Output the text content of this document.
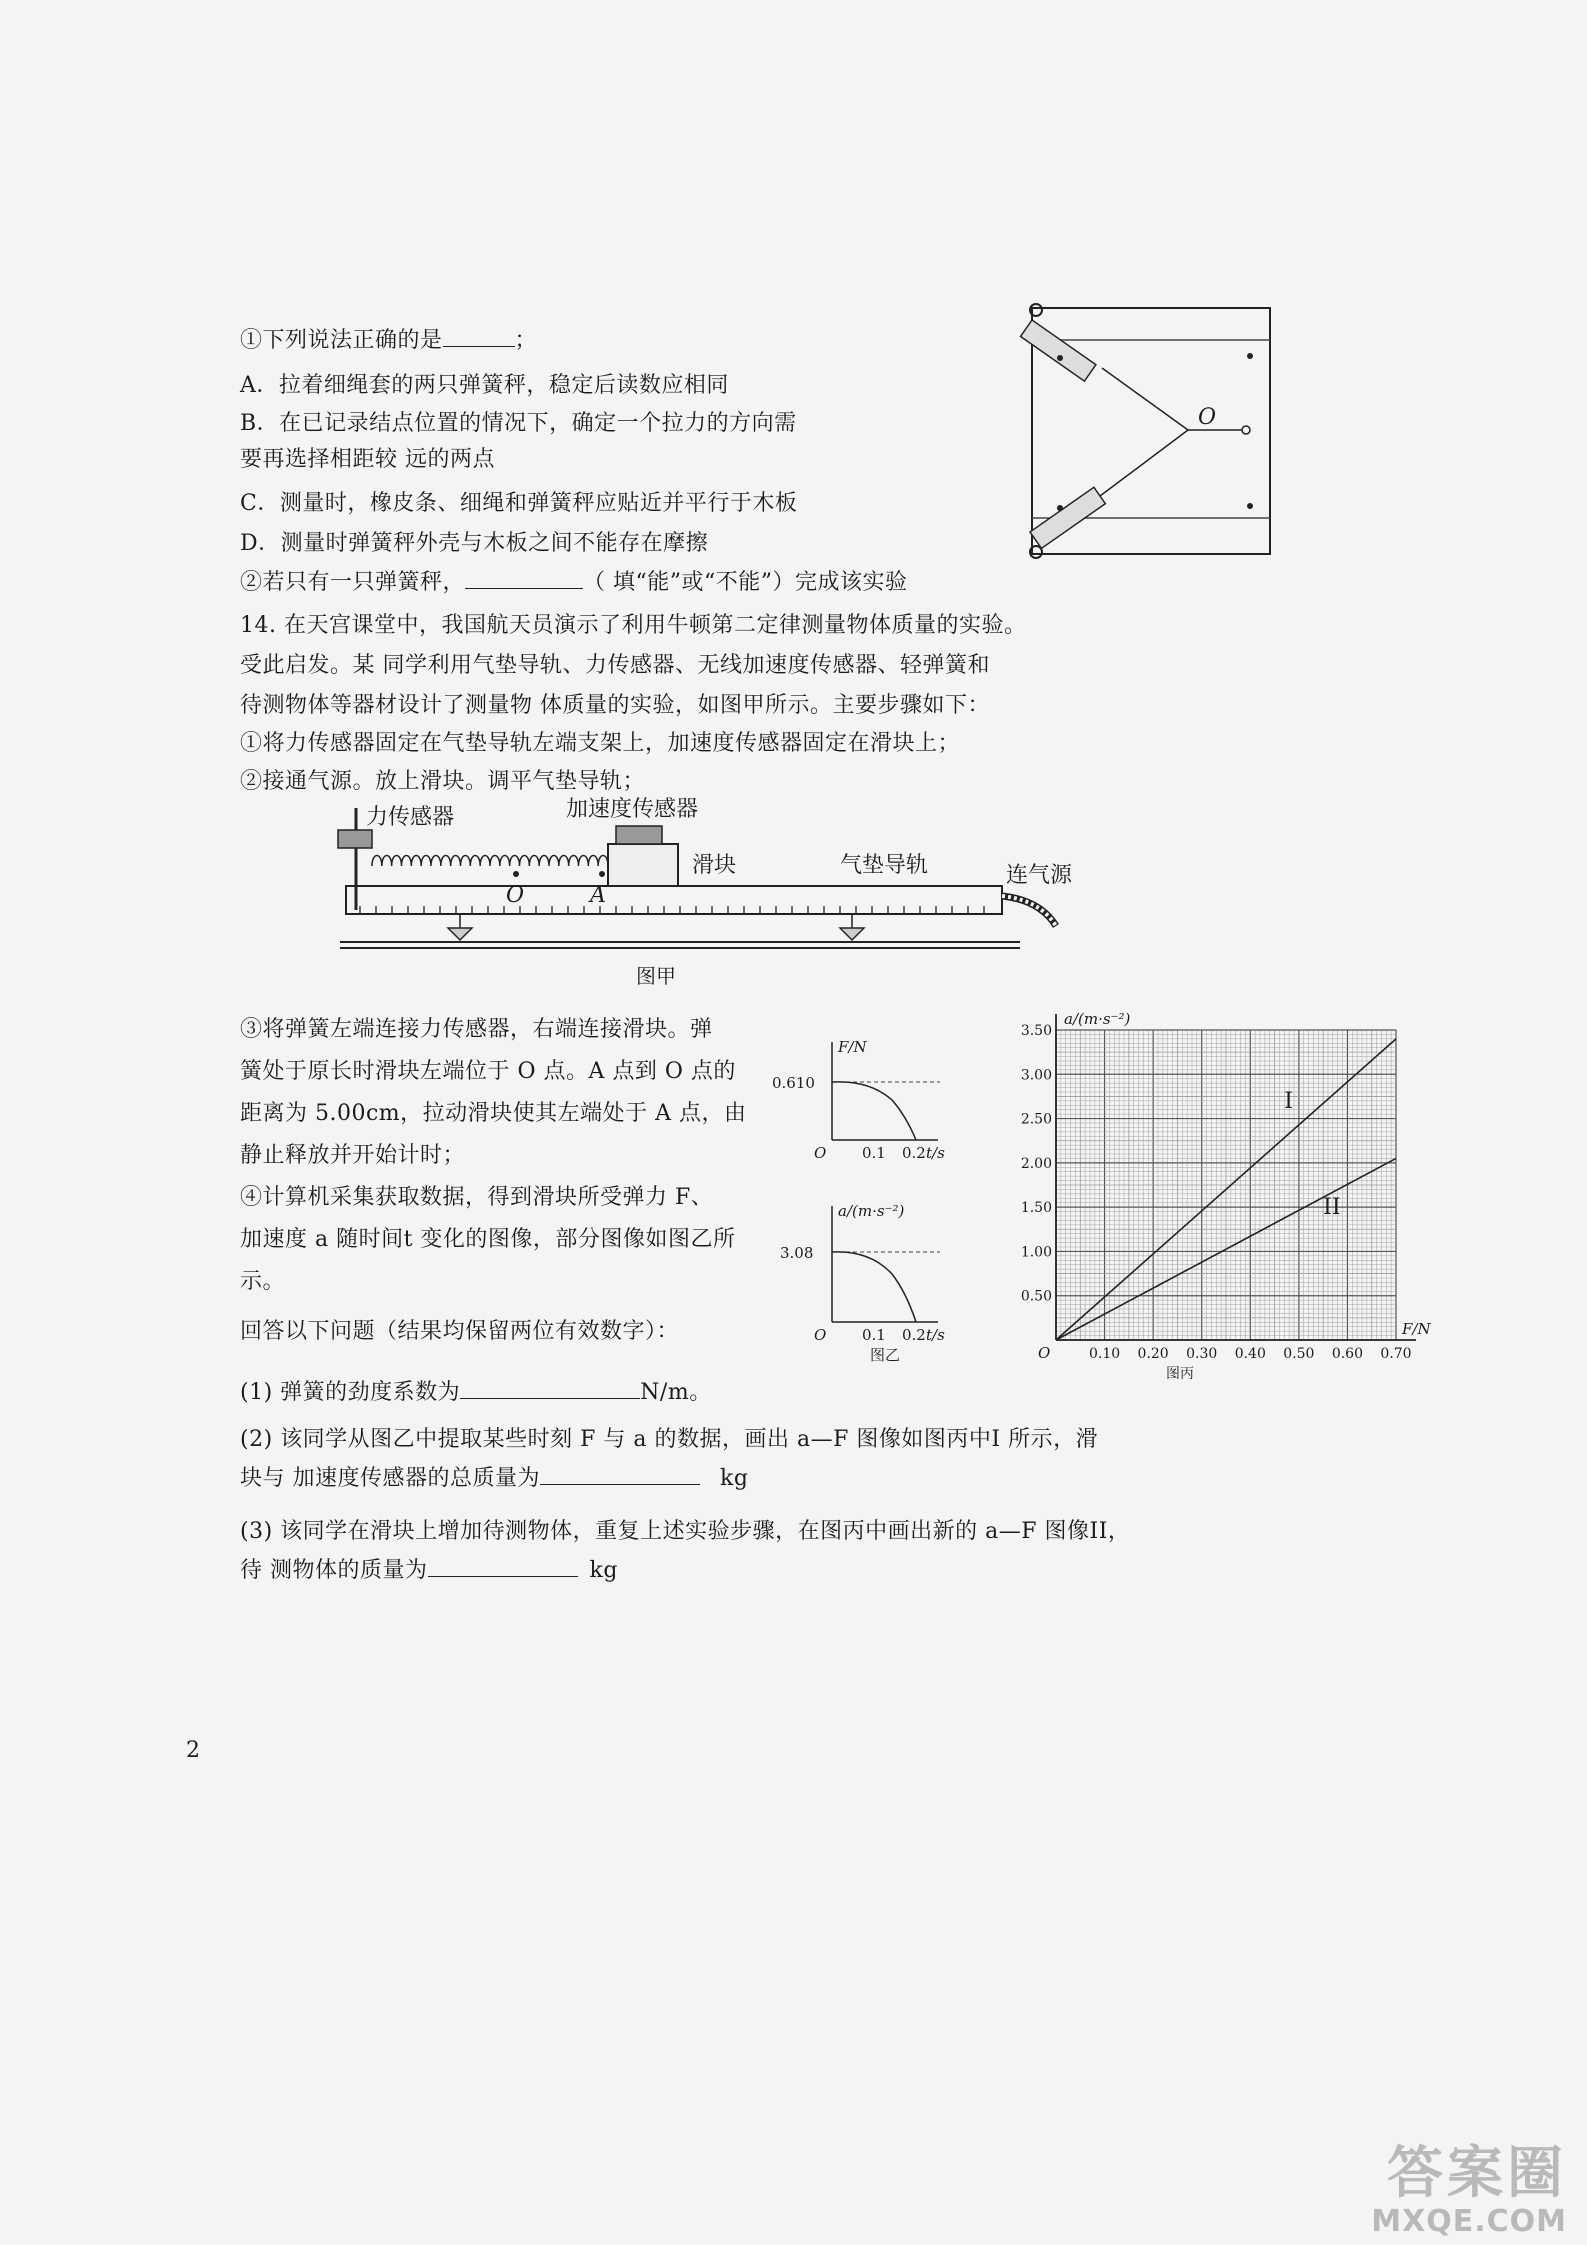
①下列说法正确的是	；
A．拉着细绳套的两只弹簧秤，稳定后读数应相同
B．在已记录结点位置的情况下，确定一个拉力的方向需
要再选择相距较 远的两点
C．测量时，橡皮条、细绳和弹簧秤应贴近并平行于木板
D．测量时弹簧秤外壳与木板之间不能存在摩擦
②若只有一只弹簧秤，	（ 填“能”或“不能”）完成该实验
O
14. 在天宫课堂中，我国航天员演示了利用牛顿第二定律测量物体质量的实验。
受此启发。某 同学利用气垫导轨、力传感器、无线加速度传感器、轻弹簧和
待测物体等器材设计了测量物 体质量的实验，如图甲所示。主要步骤如下：
①将力传感器固定在气垫导轨左端支架上，加速度传感器固定在滑块上；
②接通气源。放上滑块。调平气垫导轨；
力传感器	加速度传感器
滑块	气垫导轨	连气源
O	A
图甲
③将弹簧左端连接力传感器，右端连接滑块。弹
簧处于原长时滑块左端位于 O 点。A 点到 O 点的
距离为 5.00cm，拉动滑块使其左端处于 A 点，由
静止释放并开始计时；
④计算机采集获取数据，得到滑块所受弹力 F、
加速度 a 随时间t 变化的图像，部分图像如图乙所
示。
回答以下问题（结果均保留两位有效数字）：
F/N
0.610
O 0.1 0.2 t/s
a/(m·s⁻²)
3.08
O 0.1 0.2 t/s
图乙
0.50
1.00
1.50
2.00
2.50
3.00
3.50
0.10 0.20 0.30 0.40 0.50 0.60 0.70
a/(m·s⁻²)
F/N
O
I
II
图丙
(1) 弹簧的劲度系数为	N/m。
(2) 该同学从图乙中提取某些时刻 F 与 a 的数据，画出 a—F 图像如图丙中I 所示，滑
块与 加速度传感器的总质量为	kg
(3) 该同学在滑块上增加待测物体，重复上述实验步骤，在图丙中画出新的 a—F 图像II，
待 测物体的质量为	kg
2
答案圈
MXQE.COM
